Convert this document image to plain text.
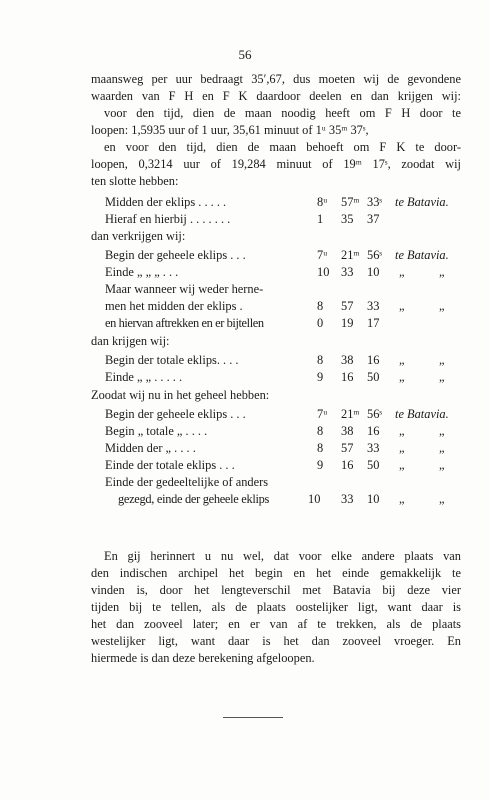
56
maansweg per uur bedraagt 35′,67, dus moeten wij de gevondene
waarden van F H en F K daardoor deelen en dan krijgen wij:
voor den tijd, dien de maan noodig heeft om F H door te
loopen: 1,5935 uur of 1 uur, 35,61 minuut of 1ᵘ 35ᵐ 37ˢ,
en voor den tijd, dien de maan behoeft om F K te door-
loopen, 0,3214 uur of 19,284 minuut of 19ᵐ 17ˢ, zoodat wij
ten slotte hebben:
Midden der eklips . . . . .	8ᵘ 57ᵐ 33ˢ te Batavia.
Hieraf en hierbij . . . . . . .	1 35 37
dan verkrijgen wij:
Begin der geheele eklips . . .	7ᵘ 21ᵐ 56ˢ te Batavia.
Einde „ „ „ . . .	10 33 10 „	„
Maar wanneer wij weder herne-
men het midden der eklips .	8 57 33 „	„
en hiervan aftrekken en er bijtellen	0 19 17
dan krijgen wij:
Begin der totale eklips. . . .	8 38 16 „	„
Einde „ „ . . . . .	9 16 50 „	„
Zoodat wij nu in het geheel hebben:
Begin der geheele eklips . . .	7ᵘ 21ᵐ 56ˢ te Batavia.
Begin „ totale „ . . . .	8 38 16 „	„
Midden der „ . . . .	8 57 33 „	„
Einde der totale eklips . . .	9 16 50 „	„
Einde der gedeeltelijke of anders
gezegd, einde der geheele eklips	10 33 10 „	„
En gij herinnert u nu wel, dat voor elke andere plaats van
den indischen archipel het begin en het einde gemakkelijk te
vinden is, door het lengteverschil met Batavia bij deze vier
tijden bij te tellen, als de plaats oostelijker ligt, want daar is
het dan zooveel later; en er van af te trekken, als de plaats
westelijker ligt, want daar is het dan zooveel vroeger. En
hiermede is dan deze berekening afgeloopen.
